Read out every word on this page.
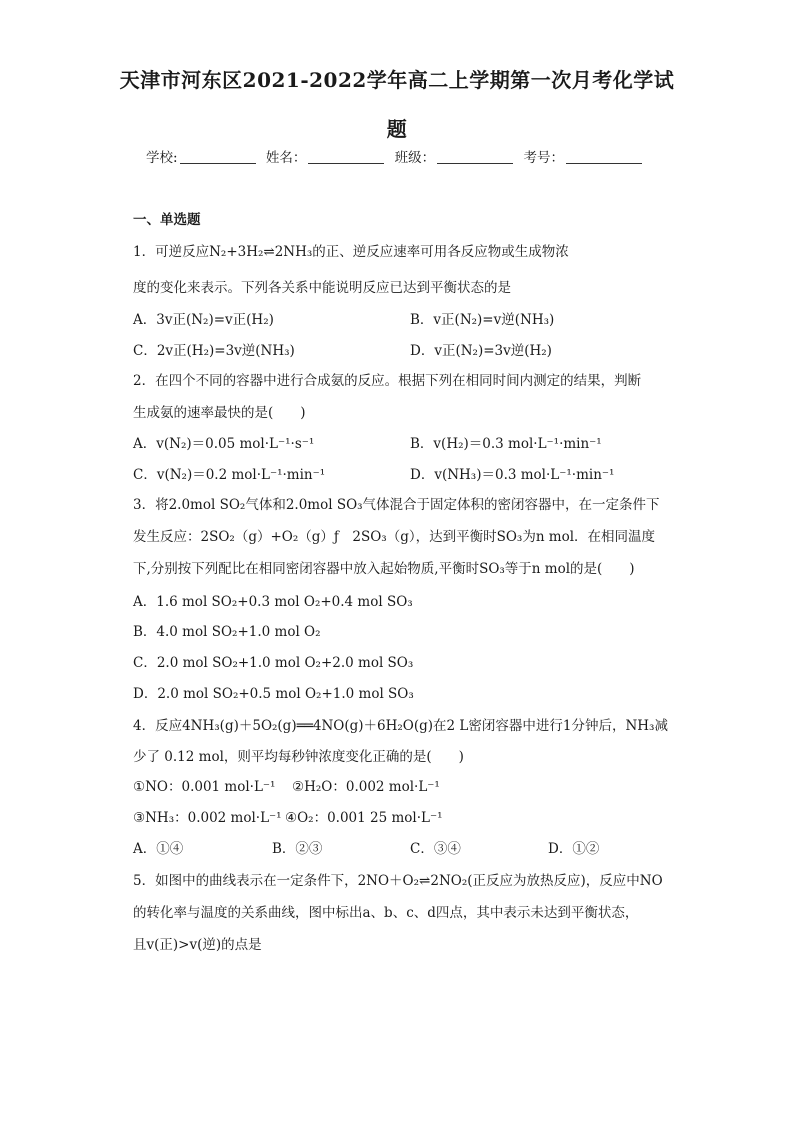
天津市河东区2021-2022学年高二上学期第一次月考化学试
题
学校:	姓名：	班级：	考号：
一、单选题
1．可逆反应N₂+3H₂⇌2NH₃的正、逆反应速率可用各反应物或生成物浓
度的变化来表示。下列各关系中能说明反应已达到平衡状态的是
A．3v正(N₂)=v正(H₂)	B．v正(N₂)=v逆(NH₃)
C．2v正(H₂)=3v逆(NH₃)	D．v正(N₂)=3v逆(H₂)
2．在四个不同的容器中进行合成氨的反应。根据下列在相同时间内测定的结果，判断
生成氨的速率最快的是(　　)
A．v(N₂)＝0.05 mol·L⁻¹·s⁻¹	B．v(H₂)＝0.3 mol·L⁻¹·min⁻¹
C．v(N₂)＝0.2 mol·L⁻¹·min⁻¹	D．v(NH₃)＝0.3 mol·L⁻¹·min⁻¹
3．将2.0mol SO₂气体和2.0mol SO₃气体混合于固定体积的密闭容器中，在一定条件下
发生反应：2SO₂（g）+O₂（g）ƒ　2SO₃（g），达到平衡时SO₃为n mol．在相同温度
下,分别按下列配比在相同密闭容器中放入起始物质,平衡时SO₃等于n mol的是(　　)
A．1.6 mol SO₂+0.3 mol O₂+0.4 mol SO₃
B．4.0 mol SO₂+1.0 mol O₂
C．2.0 mol SO₂+1.0 mol O₂+2.0 mol SO₃
D．2.0 mol SO₂+0.5 mol O₂+1.0 mol SO₃
4．反应4NH₃(g)＋5O₂(g)══4NO(g)＋6H₂O(g)在2 L密闭容器中进行1分钟后，NH₃减
少了 0.12 mol，则平均每秒钟浓度变化正确的是(　　)
①NO：0.001 mol·L⁻¹ ②H₂O：0.002 mol·L⁻¹
③NH₃：0.002 mol·L⁻¹ ④O₂：0.001 25 mol·L⁻¹
A．①④	B．②③	C．③④	D．①②
5．如图中的曲线表示在一定条件下，2NO＋O₂⇌2NO₂(正反应为放热反应)，反应中NO
的转化率与温度的关系曲线，图中标出a、b、c、d四点，其中表示未达到平衡状态，
且v(正)>v(逆)的点是
